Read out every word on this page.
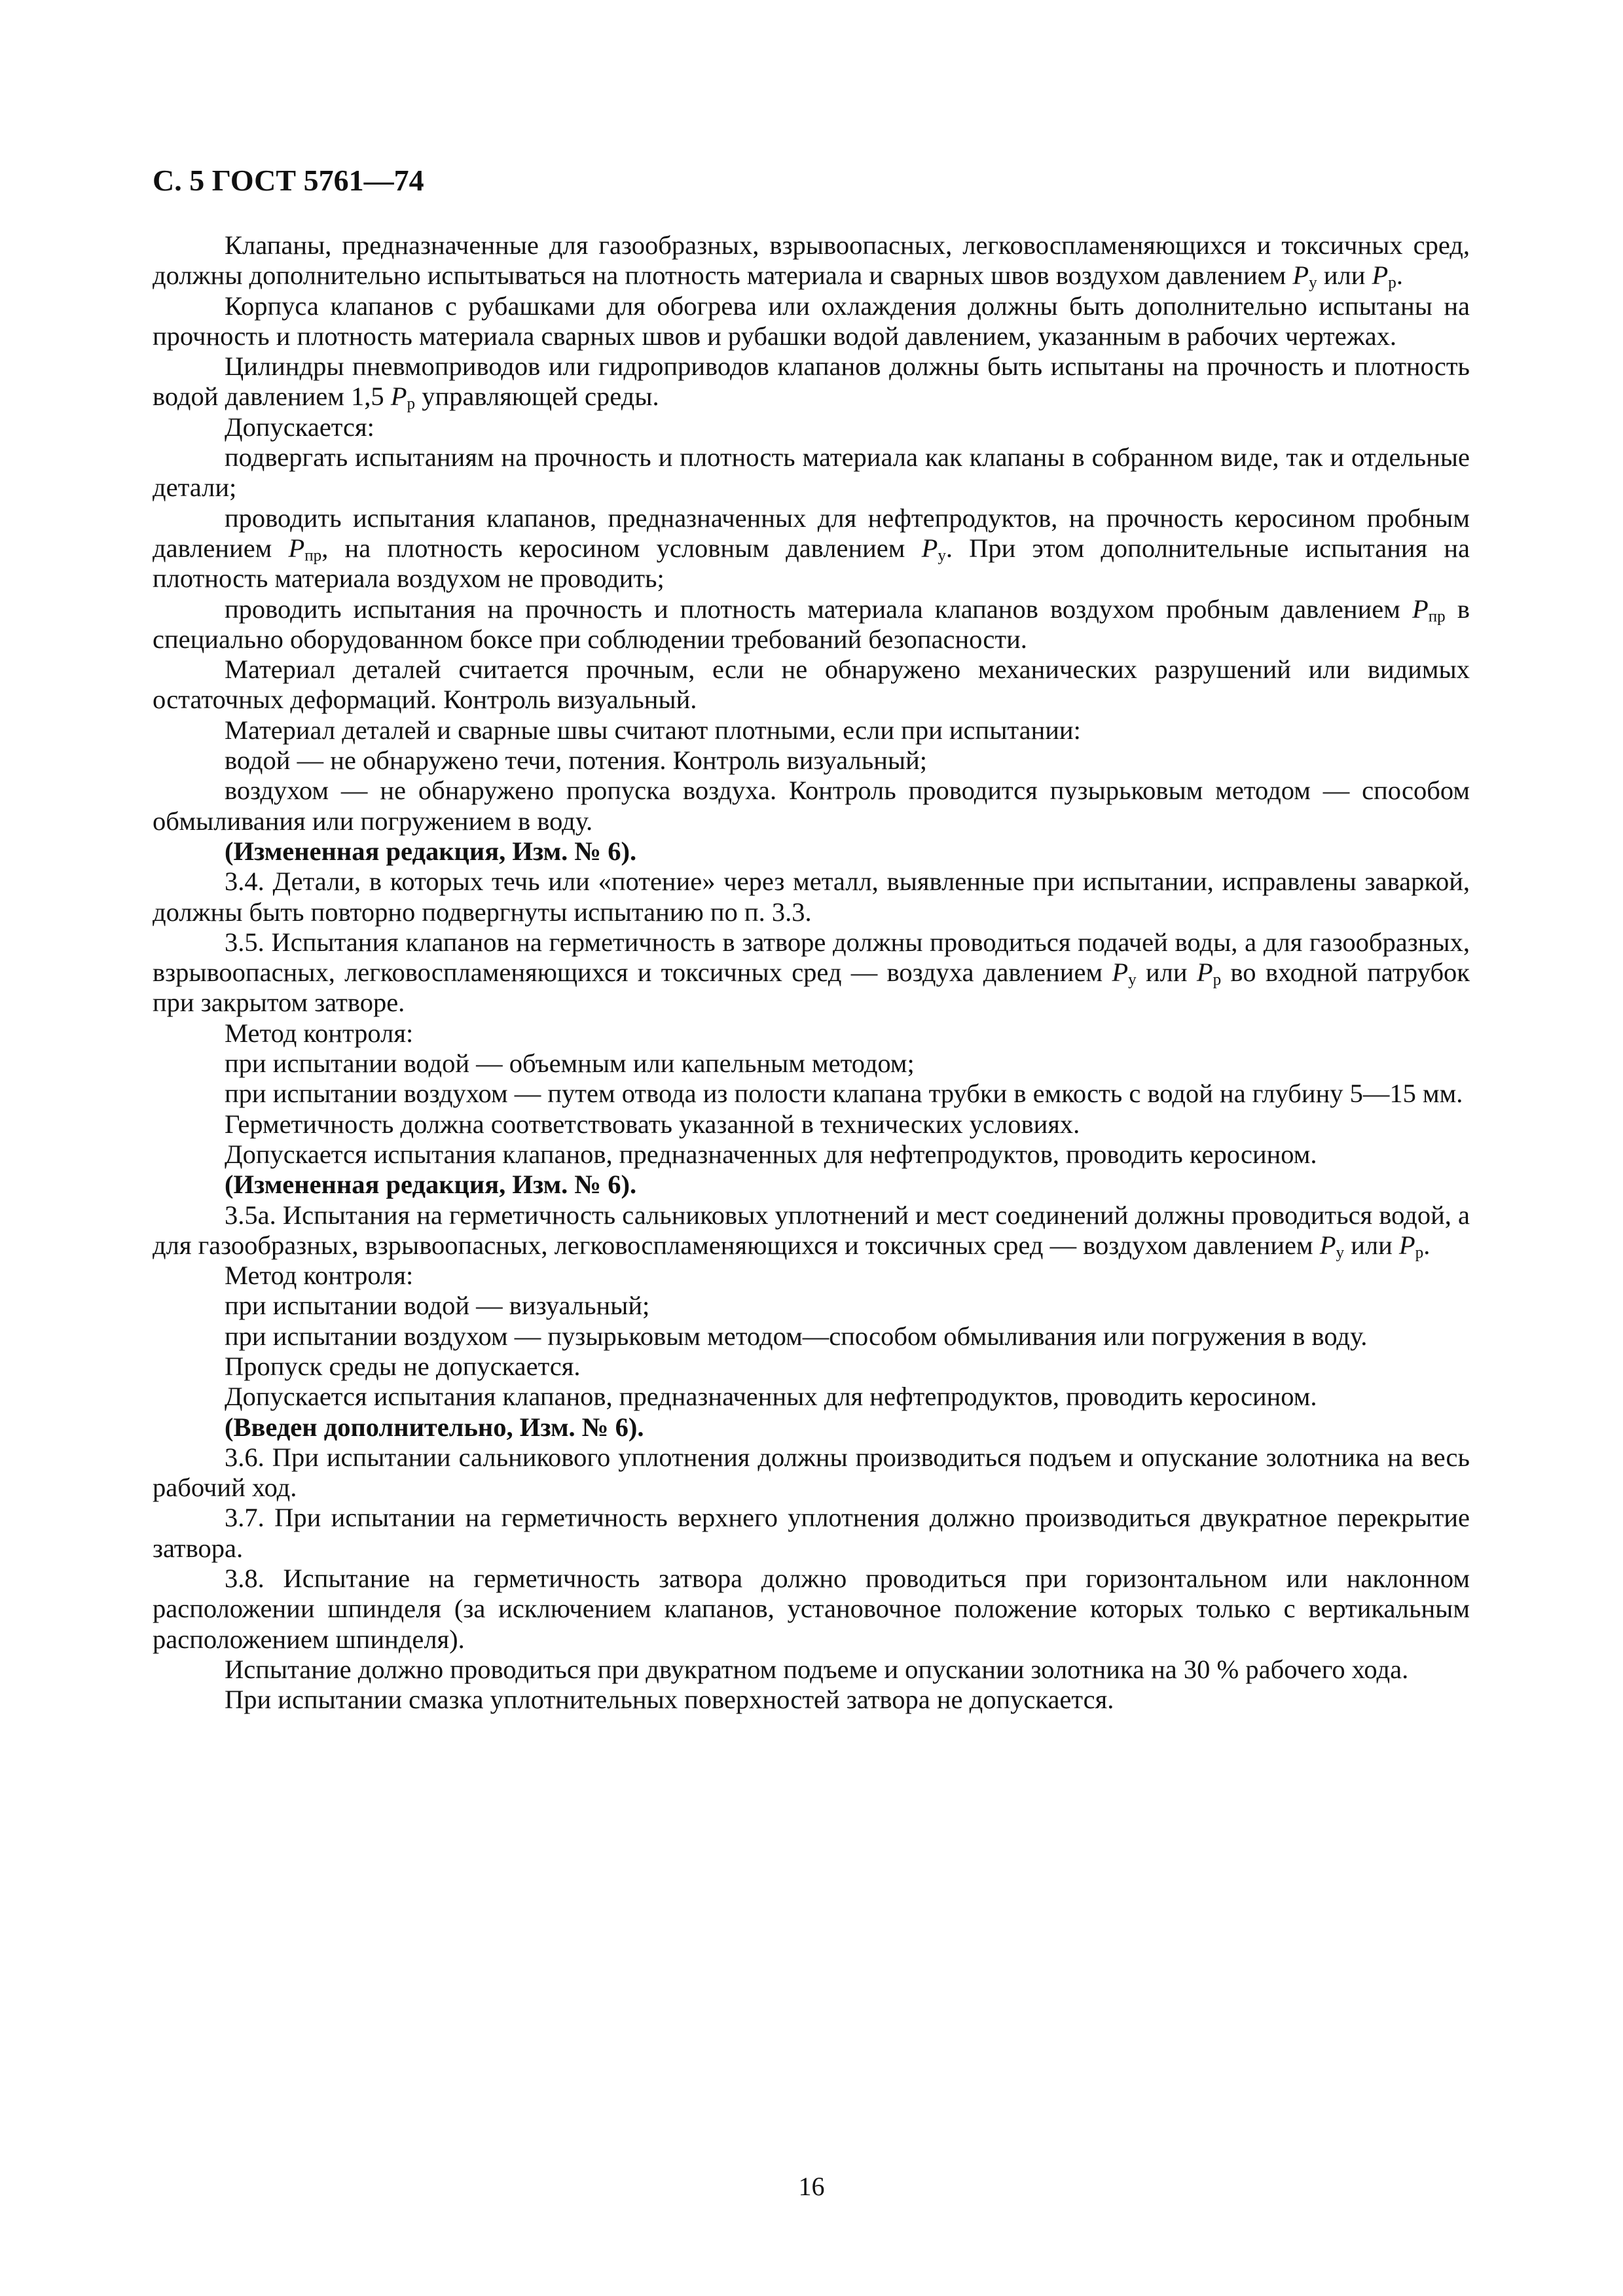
С. 5 ГОСТ 5761—74

Клапаны, предназначенные для газообразных, взрывоопасных, легковоспламеняющихся и токсичных сред, должны дополнительно испытываться на плотность материала и сварных швов воздухом давлением $P_у$ или $P_р$.

Корпуса клапанов с рубашками для обогрева или охлаждения должны быть дополнительно испытаны на прочность и плотность материала сварных швов и рубашки водой давлением, указанным в рабочих чертежах.

Цилиндры пневмоприводов или гидроприводов клапанов должны быть испытаны на прочность и плотность водой давлением 1,5 $P_р$ управляющей среды.

Допускается:

подвергать испытаниям на прочность и плотность материала как клапаны в собранном виде, так и отдельные детали;

проводить испытания клапанов, предназначенных для нефтепродуктов, на прочность керосином пробным давлением $P_{пр}$, на плотность керосином условным давлением $P_у$. При этом дополнительные испытания на плотность материала воздухом не проводить;

проводить испытания на прочность и плотность материала клапанов воздухом пробным давлением $P_{пр}$ в специально оборудованном боксе при соблюдении требований безопасности.

Материал деталей считается прочным, если не обнаружено механических разрушений или видимых остаточных деформаций. Контроль визуальный.

Материал деталей и сварные швы считают плотными, если при испытании:

водой — не обнаружено течи, потения. Контроль визуальный;

воздухом — не обнаружено пропуска воздуха. Контроль проводится пузырьковым методом — способом обмыливания или погружением в воду.

(Измененная редакция, Изм. № 6).

3.4. Детали, в которых течь или «потение» через металл, выявленные при испытании, исправлены заваркой, должны быть повторно подвергнуты испытанию по п. 3.3.

3.5. Испытания клапанов на герметичность в затворе должны проводиться подачей воды, а для газообразных, взрывоопасных, легковоспламеняющихся и токсичных сред — воздуха давлением $P_у$ или $P_р$ во входной патрубок при закрытом затворе.

Метод контроля:

при испытании водой — объемным или капельным методом;

при испытании воздухом — путем отвода из полости клапана трубки в емкость с водой на глубину 5—15 мм.

Герметичность должна соответствовать указанной в технических условиях.

Допускается испытания клапанов, предназначенных для нефтепродуктов, проводить керосином.

(Измененная редакция, Изм. № 6).

3.5а. Испытания на герметичность сальниковых уплотнений и мест соединений должны проводиться водой, а для газообразных, взрывоопасных, легковоспламеняющихся и токсичных сред — воздухом давлением $P_у$ или $P_р$.

Метод контроля:

при испытании водой — визуальный;

при испытании воздухом — пузырьковым методом—способом обмыливания или погружения в воду.

Пропуск среды не допускается.

Допускается испытания клапанов, предназначенных для нефтепродуктов, проводить керосином.

(Введен дополнительно, Изм. № 6).

3.6. При испытании сальникового уплотнения должны производиться подъем и опускание золотника на весь рабочий ход.

3.7. При испытании на герметичность верхнего уплотнения должно производиться двукратное перекрытие затвора.

3.8. Испытание на герметичность затвора должно проводиться при горизонтальном или наклонном расположении шпинделя (за исключением клапанов, установочное положение которых только с вертикальным расположением шпинделя).

Испытание должно проводиться при двукратном подъеме и опускании золотника на 30 % рабочего хода.

При испытании смазка уплотнительных поверхностей затвора не допускается.

16
